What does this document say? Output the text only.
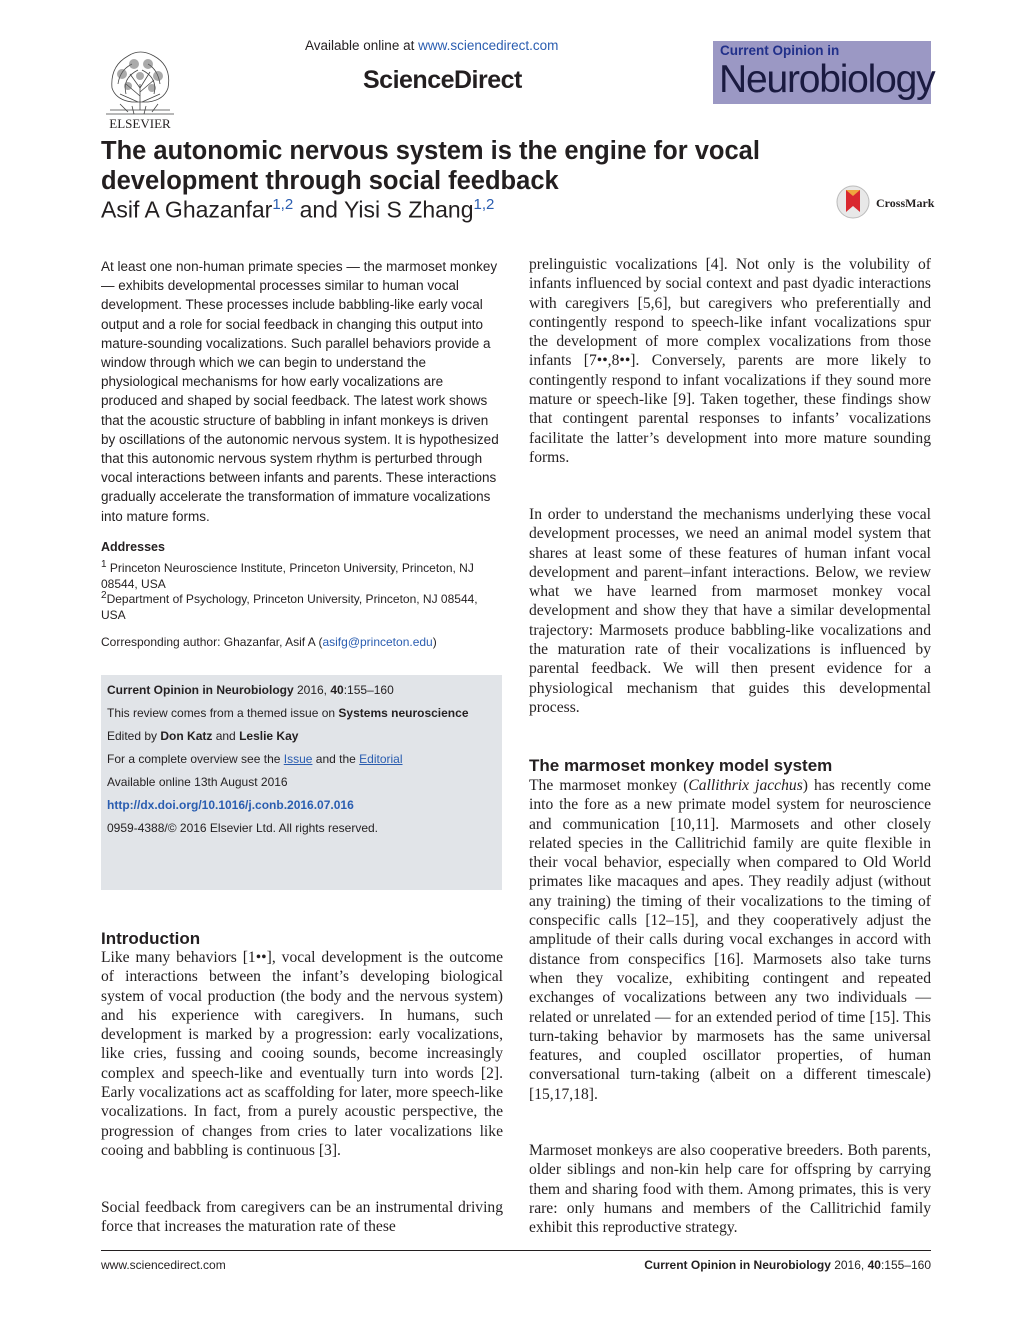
ELSEVIER
Available online at www.sciencedirect.com
ScienceDirect
Current Opinion in
Neurobiology
The autonomic nervous system is the engine for vocal development through social feedback
Asif A Ghazanfar$^{1,2}$ and Yisi S Zhang$^{1,2}$	CrossMark
At least one non-human primate species — the marmoset monkey — exhibits developmental processes similar to human vocal development. These processes include babbling-like early vocal output and a role for social feedback in changing this output into mature-sounding vocalizations. Such parallel behaviors provide a window through which we can begin to understand the physiological mechanisms for how early vocalizations are produced and shaped by social feedback. The latest work shows that the acoustic structure of babbling in infant monkeys is driven by oscillations of the autonomic nervous system. It is hypothesized that this autonomic nervous system rhythm is perturbed through vocal interactions between infants and parents. These interactions gradually accelerate the transformation of immature vocalizations into mature forms.
Addresses
$^1$ Princeton Neuroscience Institute, Princeton University, Princeton, NJ 08544, USA
$^2$Department of Psychology, Princeton University, Princeton, NJ 08544, USA
Corresponding author: Ghazanfar, Asif A (asifg@princeton.edu)
Current Opinion in Neurobiology 2016, 40:155–160
This review comes from a themed issue on Systems neuroscience
Edited by Don Katz and Leslie Kay
For a complete overview see the Issue and the Editorial
Available online 13th August 2016
http://dx.doi.org/10.1016/j.conb.2016.07.016
0959-4388/© 2016 Elsevier Ltd. All rights reserved.
Introduction
Like many behaviors [1••], vocal development is the outcome of interactions between the infant’s developing biological system of vocal production (the body and the nervous system) and his experience with caregivers. In humans, such development is marked by a progression: early vocalizations, like cries, fussing and cooing sounds, become increasingly complex and speech-like and eventually turn into words [2]. Early vocalizations act as scaffolding for later, more speech-like vocalizations. In fact, from a purely acoustic perspective, the progression of changes from cries to later vocalizations like cooing and babbling is continuous [3].
Social feedback from caregivers can be an instrumental driving force that increases the maturation rate of these
prelinguistic vocalizations [4]. Not only is the volubility of infants influenced by social context and past dyadic interactions with caregivers [5,6], but caregivers who preferentially and contingently respond to speech-like infant vocalizations spur the development of more complex vocalizations from those infants [7••,8••]. Conversely, parents are more likely to contingently respond to infant vocalizations if they sound more mature or speech-like [9]. Taken together, these findings show that contingent parental responses to infants’ vocalizations facilitate the latter’s development into more mature sounding forms.
In order to understand the mechanisms underlying these vocal development processes, we need an animal model system that shares at least some of these features of human infant vocal development and parent–infant interactions. Below, we review what we have learned from marmoset monkey vocal development and show they that have a similar developmental trajectory: Marmosets produce babbling-like vocalizations and the maturation rate of their vocalizations is influenced by parental feedback. We will then present evidence for a physiological mechanism that guides this developmental process.
The marmoset monkey model system
The marmoset monkey (Callithrix jacchus) has recently come into the fore as a new primate model system for neuroscience and communication [10,11]. Marmosets and other closely related species in the Callitrichid family are quite flexible in their vocal behavior, especially when compared to Old World primates like macaques and apes. They readily adjust (without any training) the timing of their vocalizations to the timing of conspecific calls [12–15], and they cooperatively adjust the amplitude of their calls during vocal exchanges in accord with distance from conspecifics [16]. Marmosets also take turns when they vocalize, exhibiting contingent and repeated exchanges of vocalizations between any two individuals — related or unrelated — for an extended period of time [15]. This turn-taking behavior by marmosets has the same universal features, and coupled oscillator properties, of human conversational turn-taking (albeit on a different timescale) [15,17,18].
Marmoset monkeys are also cooperative breeders. Both parents, older siblings and non-kin help care for offspring by carrying them and sharing food with them. Among primates, this is very rare: only humans and members of the Callitrichid family exhibit this reproductive strategy.
www.sciencedirect.com	Current Opinion in Neurobiology 2016, 40:155–160
